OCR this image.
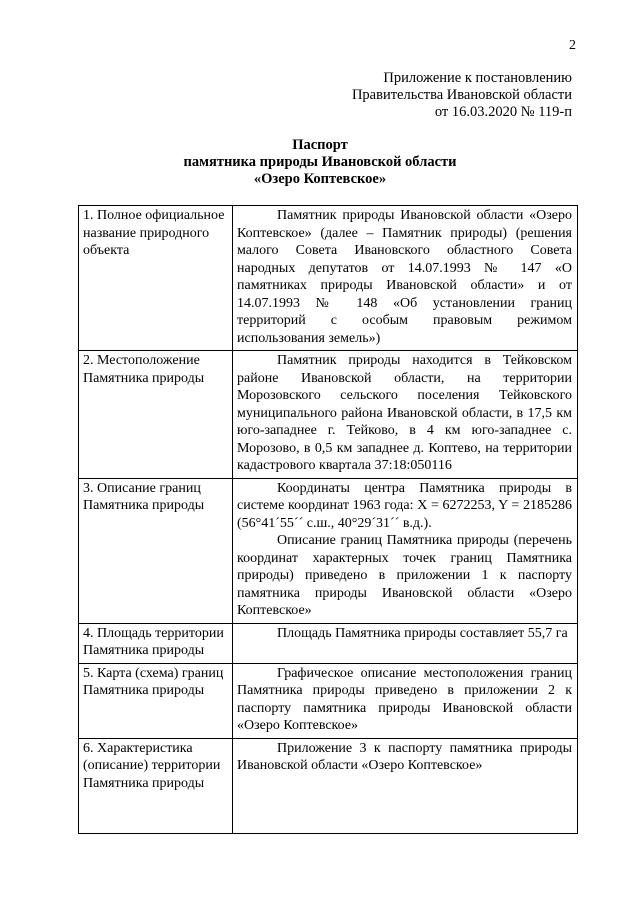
2
Приложение к постановлению
Правительства Ивановской области
от 16.03.2020 № 119-п
Паспорт
памятника природы Ивановской области
«Озеро Коптевское»
1. Полное официальное название природного объекта	Памятник природы Ивановской области «Озеро Коптевское» (далее – Памятник природы) (решения малого Совета Ивановского областного Совета народных депутатов от 14.07.1993 № 147 «О памятниках природы Ивановской области» и от 14.07.1993 № 148 «Об установлении границ территорий с особым правовым режимом использования земель»)

2. Местоположение Памятника природы	Памятник природы находится в Тейковском районе Ивановской области, на территории Морозовского сельского поселения Тейковского муниципального района Ивановской области, в 17,5 км юго-западнее г. Тейково, в 4 км юго-западнее с. Морозово, в 0,5 км западнее д. Коптево, на территории кадастрового квартала 37:18:050116

3. Описание границ Памятника природы	Координаты центра Памятника природы в системе координат 1963 года: X = 6272253, Y = 2185286 (56°41´55´´ с.ш., 40°29´31´´ в.д.).

Описание границ Памятника природы (перечень координат характерных точек границ Памятника природы) приведено в приложении 1 к паспорту памятника природы Ивановской области «Озеро Коптевское»

4. Площадь территории Памятника природы	Площадь Памятника природы составляет 55,7 га

5. Карта (схема) границ Памятника природы	Графическое описание местоположения границ Памятника природы приведено в приложении 2 к паспорту памятника природы Ивановской области «Озеро Коптевское»

6. Характеристика (описание) территории Памятника природы	Приложение 3 к паспорту памятника природы Ивановской области «Озеро Коптевское»
